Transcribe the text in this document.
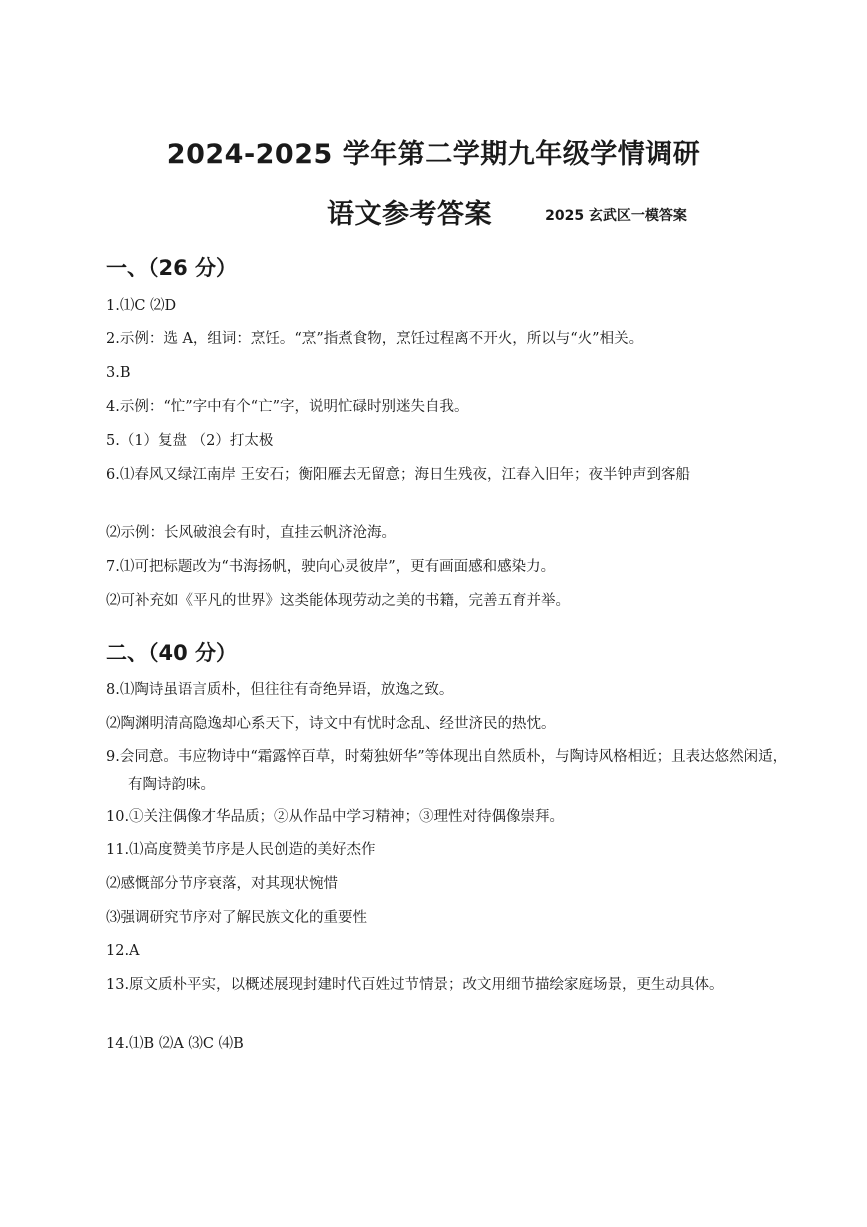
2024-2025 学年第二学期九年级学情调研
语文参考答案	2025 玄武区一模答案
一、（26 分）
1.⑴C ⑵D
2.示例：选 A，组词：烹饪。“烹”指煮食物，烹饪过程离不开火，所以与“火”相关。
3.B
4.示例：“忙”字中有个“亡”字，说明忙碌时别迷失自我。
5.（1）复盘 （2）打太极
6.⑴春风又绿江南岸 王安石；衡阳雁去无留意；海日生残夜，江春入旧年；夜半钟声到客船
⑵示例：长风破浪会有时，直挂云帆济沧海。
7.⑴可把标题改为“书海扬帆，驶向心灵彼岸”，更有画面感和感染力。
⑵可补充如《平凡的世界》这类能体现劳动之美的书籍，完善五育并举。
二、（40 分）
8.⑴陶诗虽语言质朴，但往往有奇绝异语，放逸之致。
⑵陶渊明清高隐逸却心系天下，诗文中有忧时念乱、经世济民的热忱。
9.会同意。韦应物诗中“霜露悴百草，时菊独妍华”等体现出自然质朴，与陶诗风格相近；且表达悠然闲适，有陶诗韵味。
10.①关注偶像才华品质；②从作品中学习精神；③理性对待偶像崇拜。
11.⑴高度赞美节序是人民创造的美好杰作
⑵感慨部分节序衰落，对其现状惋惜
⑶强调研究节序对了解民族文化的重要性
12.A
13.原文质朴平实，以概述展现封建时代百姓过节情景；改文用细节描绘家庭场景，更生动具体。
14.⑴B ⑵A ⑶C ⑷B
